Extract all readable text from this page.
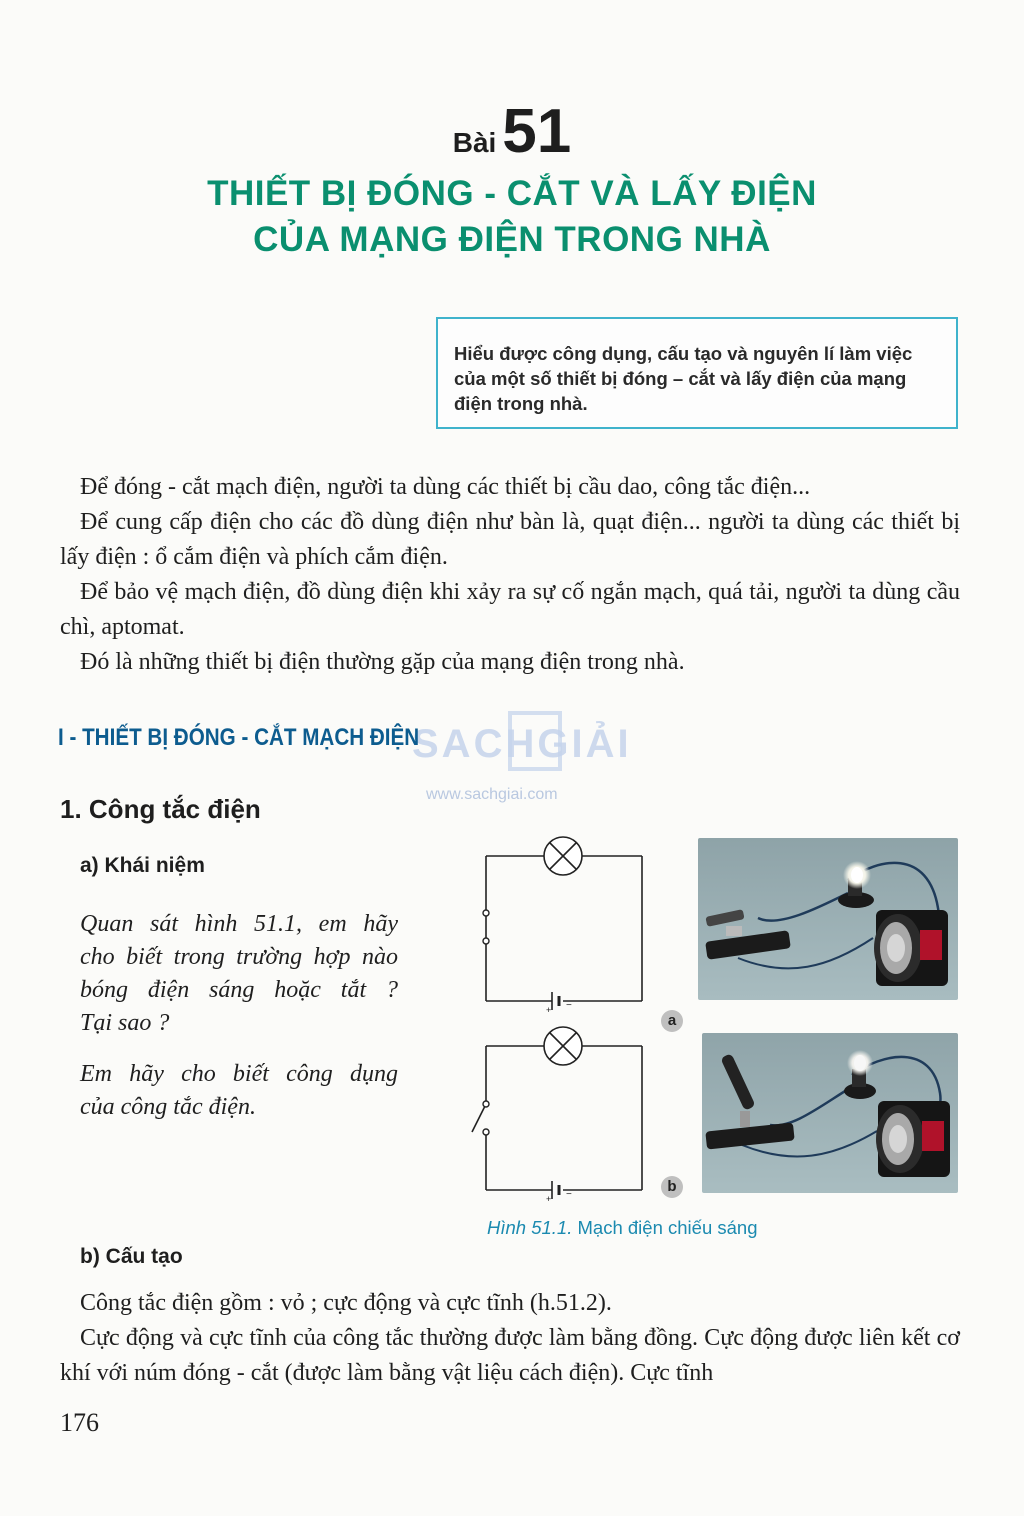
Bài51
THIẾT BỊ ĐÓNG - CẮT VÀ LẤY ĐIỆN
CỦA MẠNG ĐIỆN TRONG NHÀ
Hiểu được công dụng, cấu tạo và nguyên lí làm việc của một số thiết bị đóng – cắt và lấy điện của mạng điện trong nhà.
Để đóng - cắt mạch điện, người ta dùng các thiết bị cầu dao, công tắc điện...
Để cung cấp điện cho các đồ dùng điện như bàn là, quạt điện... người ta dùng các thiết bị lấy điện : ổ cắm điện và phích cắm điện.
Để bảo vệ mạch điện, đồ dùng điện khi xảy ra sự cố ngắn mạch, quá tải, người ta dùng cầu chì, aptomat.
Đó là những thiết bị điện thường gặp của mạng điện trong nhà.
SACHGIẢI
www.sachgiai.com
I - THIẾT BỊ ĐÓNG - CẮT MẠCH ĐIỆN
1. Công tắc điện
a) Khái niệm
Quan sát hình 51.1, em hãy
cho biết trong trường hợp nào
bóng điện sáng hoặc tắt ?
Tại sao ?
Em hãy cho biết công dụng
của công tắc điện.
+ −
+ −
a
b
Hình 51.1. Mạch điện chiếu sáng
b) Cấu tạo
Công tắc điện gồm : vỏ ; cực động và cực tĩnh (h.51.2).
Cực động và cực tĩnh của công tắc thường được làm bằng đồng. Cực động được liên kết cơ khí với núm đóng - cắt (được làm bằng vật liệu cách điện). Cực tĩnh
176
